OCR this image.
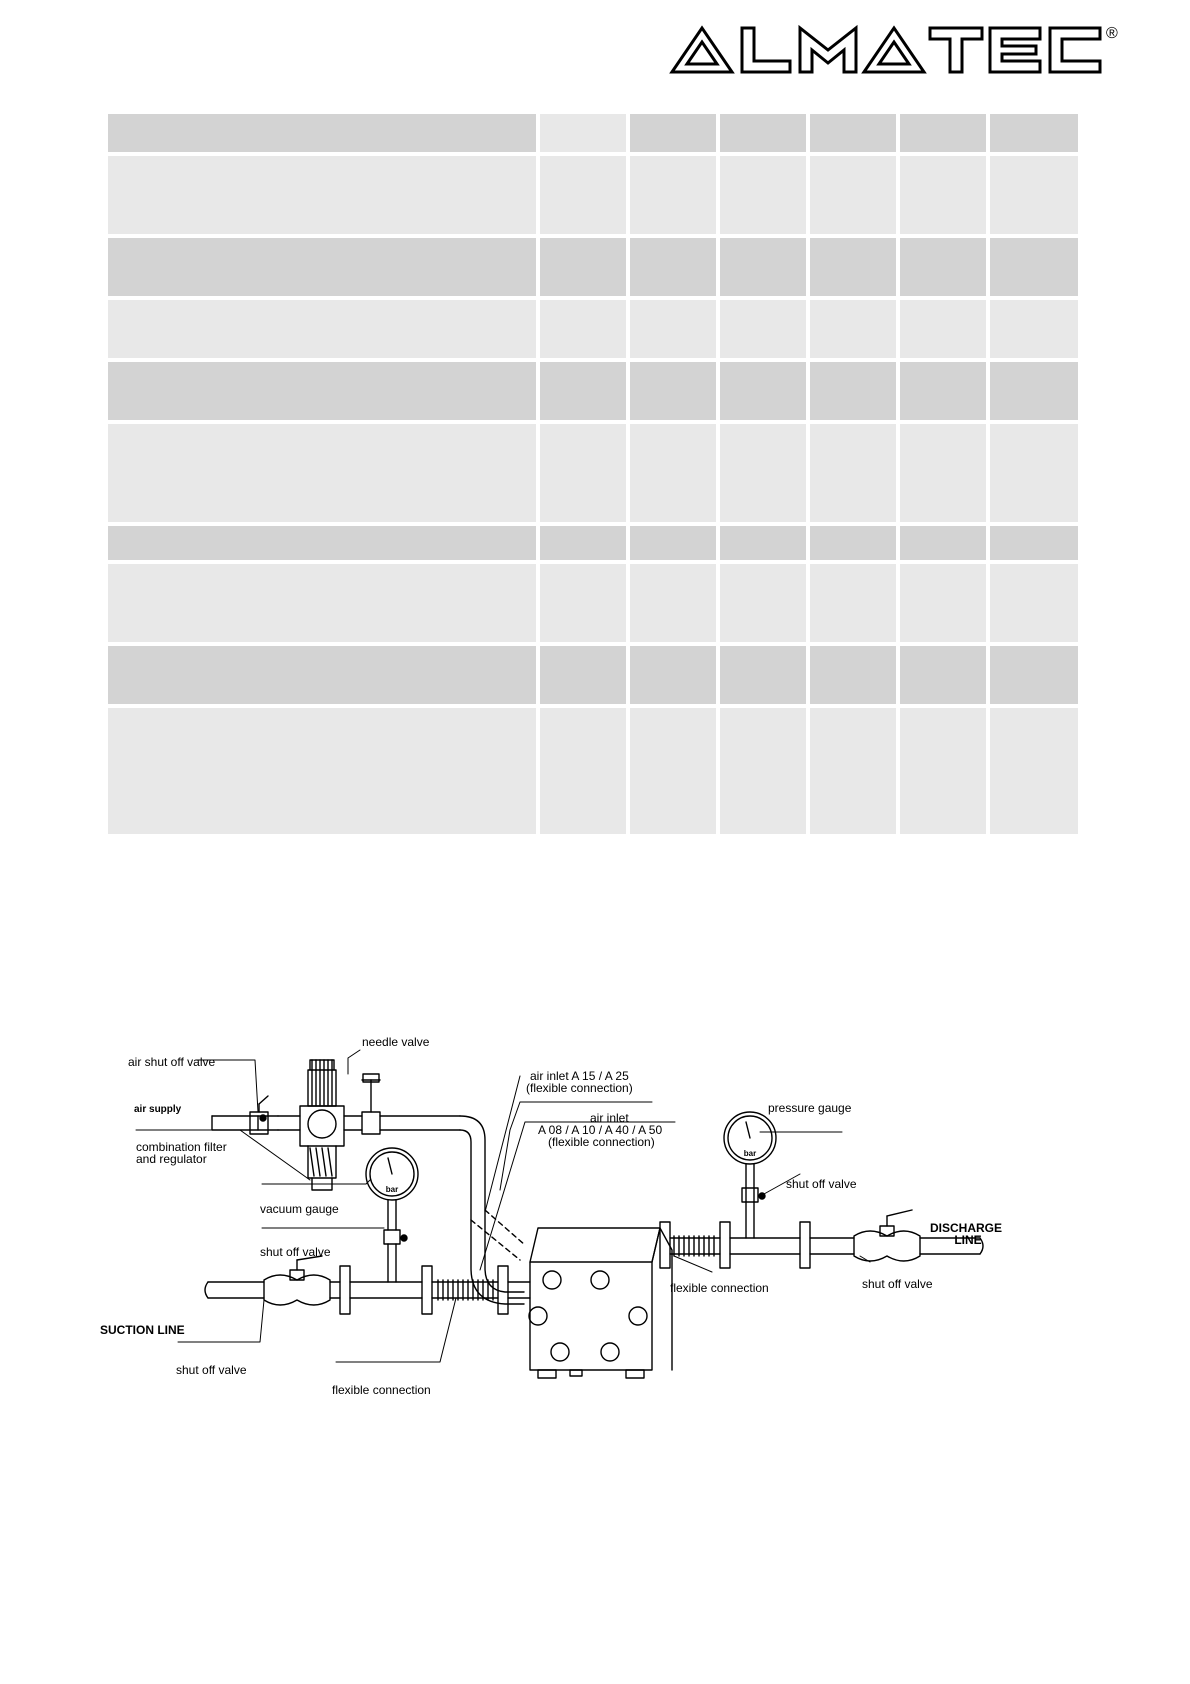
®
bar
bar
needle valve
air shut off valve
air supply
air inlet A 15 / A 25
(flexible connection)
pressure gauge
air inlet
A 08 / A 10 / A 40 / A 50
(flexible connection)
combination filter
and regulator
shut off valve
vacuum gauge
DISCHARGE
LINE
shut off valve
flexible connection	shut off valve
SUCTION LINE
shut off valve
flexible connection
